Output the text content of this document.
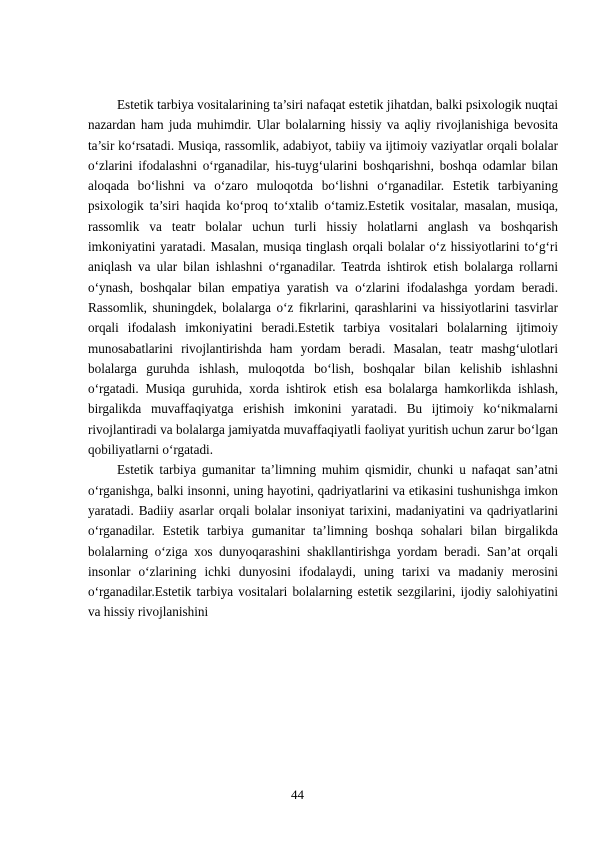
Estetik tarbiya vositalarining ta’siri nafaqat estetik jihatdan, balki psixologik nuqtai nazardan ham juda muhimdir. Ular bolalarning hissiy va aqliy rivojlanishiga bevosita ta’sir ko‘rsatadi. Musiqa, rassomlik, adabiyot, tabiiy va ijtimoiy vaziyatlar orqali bolalar o‘zlarini ifodalashni o‘rganadilar, his-tuyg‘ularini boshqarishni, boshqa odamlar bilan aloqada bo‘lishni va o‘zaro muloqotda bo‘lishni o‘rganadilar. Estetik tarbiyaning psixologik ta’siri haqida ko‘proq to‘xtalib o‘tamiz.Estetik vositalar, masalan, musiqa, rassomlik va teatr bolalar uchun turli hissiy holatlarni anglash va boshqarish imkoniyatini yaratadi. Masalan, musiqa tinglash orqali bolalar o‘z hissiyotlarini to‘g‘ri aniqlash va ular bilan ishlashni o‘rganadilar. Teatrda ishtirok etish bolalarga rollarni o‘ynash, boshqalar bilan empatiya yaratish va o‘zlarini ifodalashga yordam beradi. Rassomlik, shuningdek, bolalarga o‘z fikrlarini, qarashlarini va hissiyotlarini tasvirlar orqali ifodalash imkoniyatini beradi.Estetik tarbiya vositalari bolalarning ijtimoiy munosabatlarini rivojlantirishda ham yordam beradi. Masalan, teatr mashg‘ulotlari bolalarga guruhda ishlash, muloqotda bo‘lish, boshqalar bilan kelishib ishlashni o‘rgatadi. Musiqa guruhida, xorda ishtirok etish esa bolalarga hamkorlikda ishlash, birgalikda muvaffaqiyatga erishish imkonini yaratadi. Bu ijtimoiy ko‘nikmalarni rivojlantiradi va bolalarga jamiyatda muvaffaqiyatli faoliyat yuritish uchun zarur bo‘lgan qobiliyatlarni o‘rgatadi.

Estetik tarbiya gumanitar ta’limning muhim qismidir, chunki u nafaqat san’atni o‘rganishga, balki insonni, uning hayotini, qadriyatlarini va etikasini tushunishga imkon yaratadi. Badiiy asarlar orqali bolalar insoniyat tarixini, madaniyatini va qadriyatlarini o‘rganadilar. Estetik tarbiya gumanitar ta’limning boshqa sohalari bilan birgalikda bolalarning o‘ziga xos dunyoqarashini shakllantirishga yordam beradi. San’at orqali insonlar o‘zlarining ichki dunyosini ifodalaydi, uning tarixi va madaniy merosini o‘rganadilar.Estetik tarbiya vositalari bolalarning estetik sezgilarini, ijodiy salohiyatini va hissiy rivojlanishini

44
